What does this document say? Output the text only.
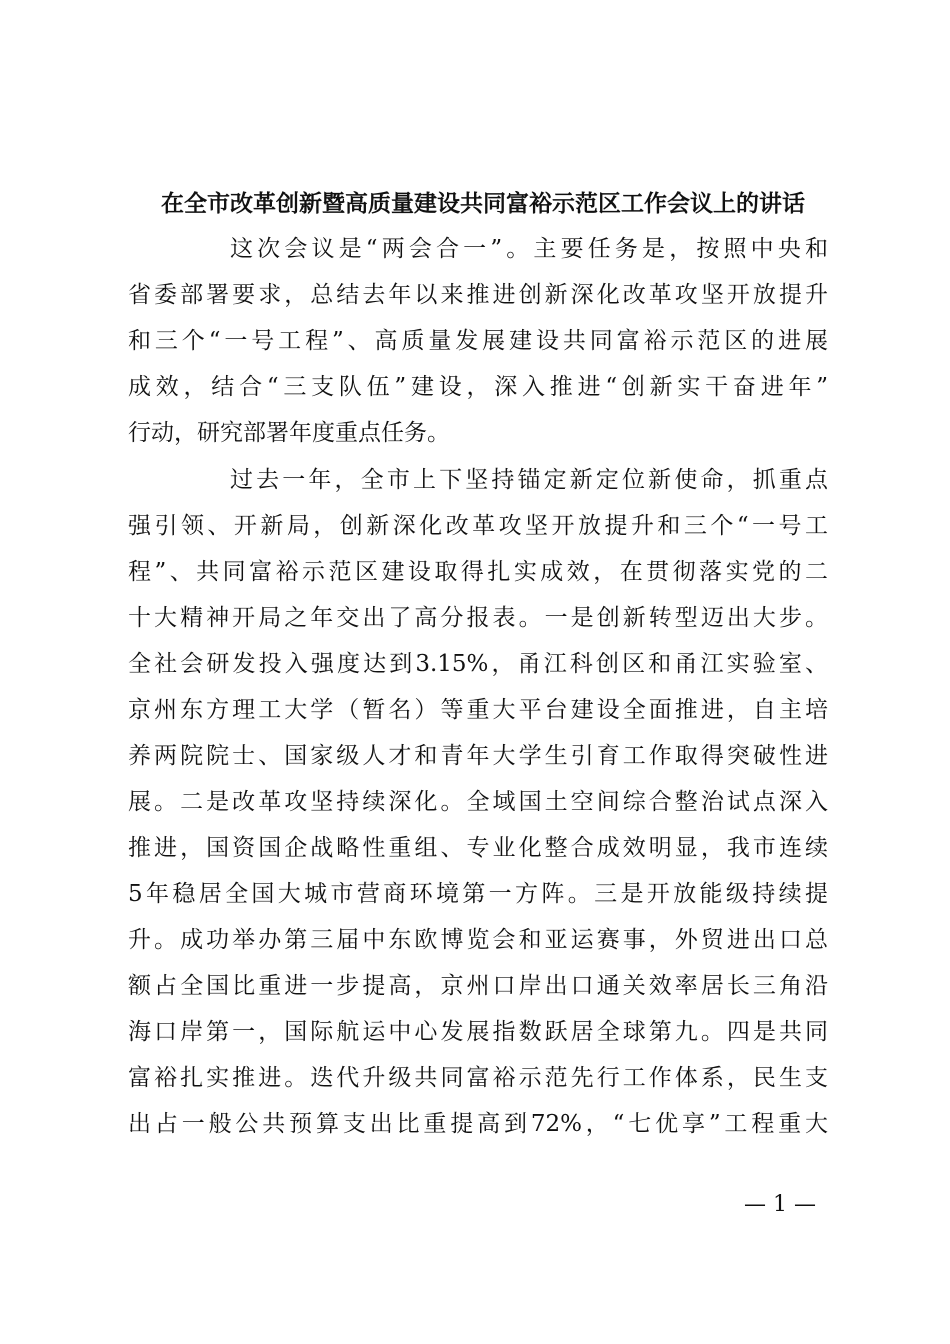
在全市改革创新暨高质量建设共同富裕示范区工作会议上的讲话
这次会议是“两会合一”。主要任务是，按照中央和
省委部署要求，总结去年以来推进创新深化改革攻坚开放提升
和三个“一号工程”、高质量发展建设共同富裕示范区的进展
成效，结合“三支队伍”建设，深入推进“创新实干奋进年”
行动，研究部署年度重点任务。
过去一年，全市上下坚持锚定新定位新使命，抓重点
强引领、开新局，创新深化改革攻坚开放提升和三个“一号工
程”、共同富裕示范区建设取得扎实成效，在贯彻落实党的二
十大精神开局之年交出了高分报表。一是创新转型迈出大步。
全社会研发投入强度达到3.15%，甬江科创区和甬江实验室、
京州东方理工大学（暂名）等重大平台建设全面推进，自主培
养两院院士、国家级人才和青年大学生引育工作取得突破性进
展。二是改革攻坚持续深化。全域国土空间综合整治试点深入
推进，国资国企战略性重组、专业化整合成效明显，我市连续
5年稳居全国大城市营商环境第一方阵。三是开放能级持续提
升。成功举办第三届中东欧博览会和亚运赛事，外贸进出口总
额占全国比重进一步提高，京州口岸出口通关效率居长三角沿
海口岸第一，国际航运中心发展指数跃居全球第九。四是共同
富裕扎实推进。迭代升级共同富裕示范先行工作体系，民生支
出占一般公共预算支出比重提高到72%，“七优享”工程重大
— 1 —
